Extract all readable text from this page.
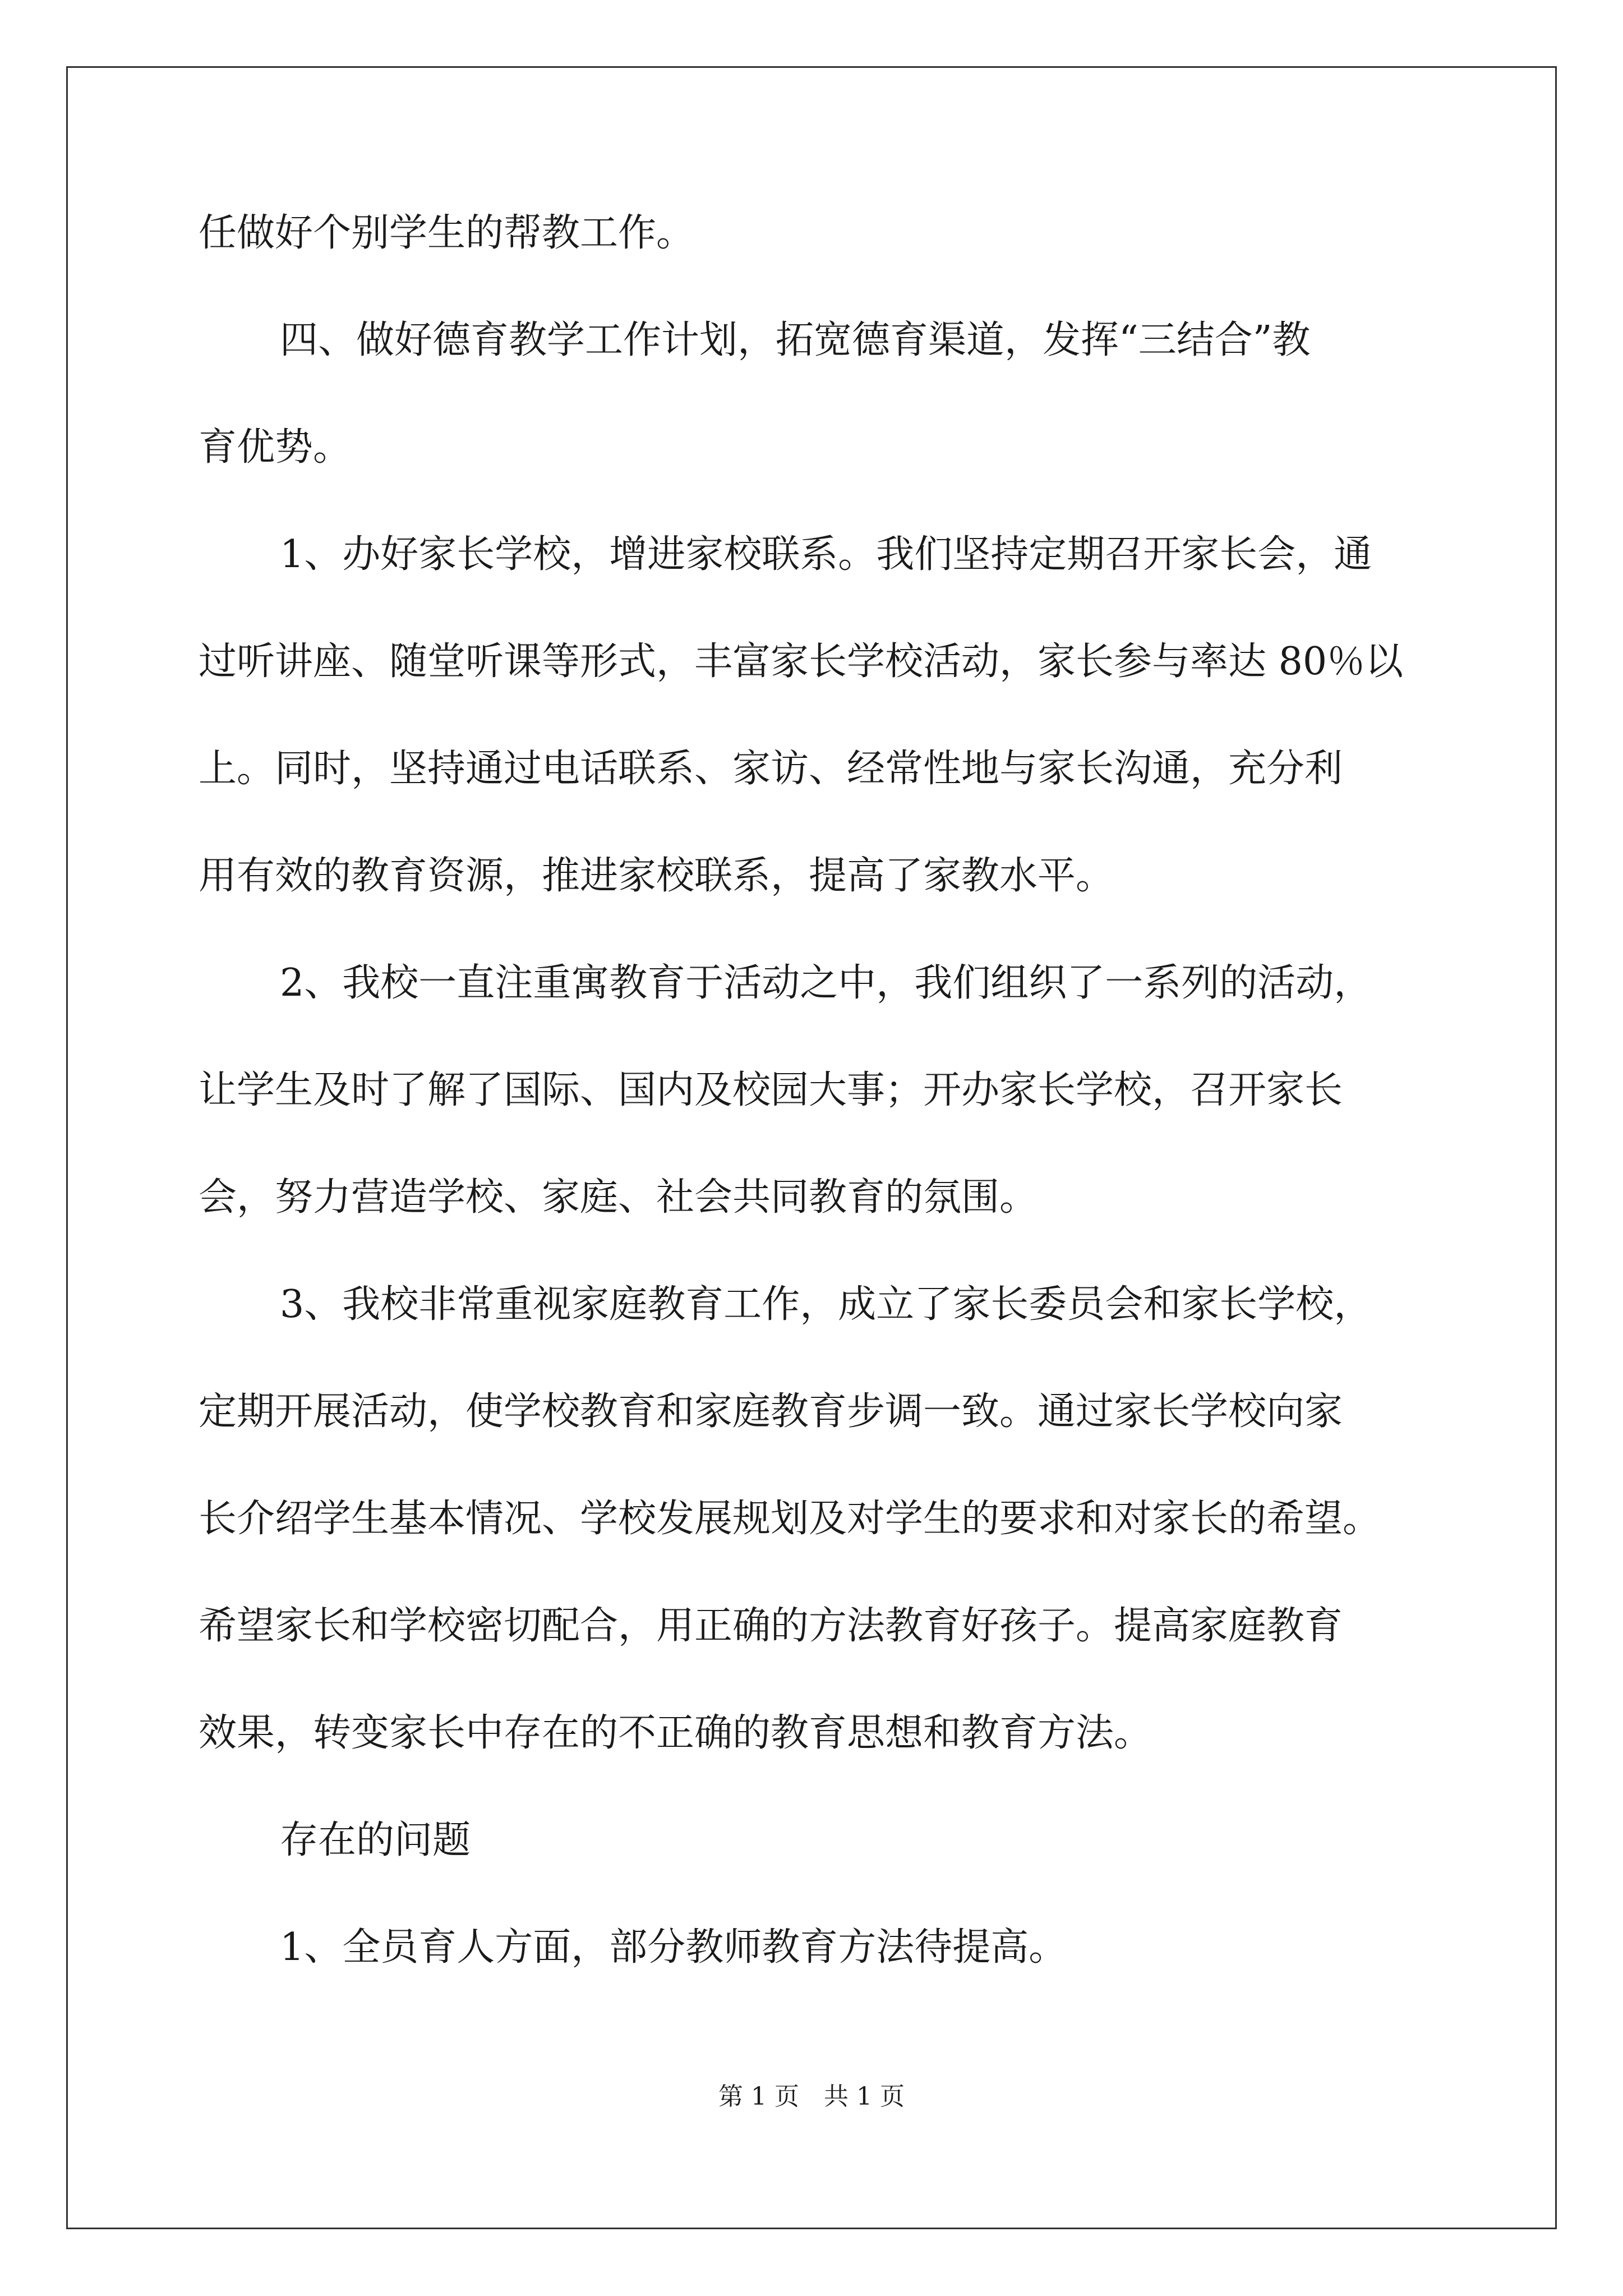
任做好个别学生的帮教工作。
四、做好德育教学工作计划，拓宽德育渠道，发挥“三结合”教
育优势。
1、办好家长学校，增进家校联系。我们坚持定期召开家长会，通
过听讲座、随堂听课等形式，丰富家长学校活动，家长参与率达 80％以
上。同时，坚持通过电话联系、家访、经常性地与家长沟通，充分利
用有效的教育资源，推进家校联系，提高了家教水平。
2、我校一直注重寓教育于活动之中，我们组织了一系列的活动，
让学生及时了解了国际、国内及校园大事；开办家长学校，召开家长
会，努力营造学校、家庭、社会共同教育的氛围。
3、我校非常重视家庭教育工作，成立了家长委员会和家长学校，
定期开展活动，使学校教育和家庭教育步调一致。通过家长学校向家
长介绍学生基本情况、学校发展规划及对学生的要求和对家长的希望。
希望家长和学校密切配合，用正确的方法教育好孩子。提高家庭教育
效果，转变家长中存在的不正确的教育思想和教育方法。
存在的问题
1、全员育人方面，部分教师教育方法待提高。
第 1 页　共 1 页
